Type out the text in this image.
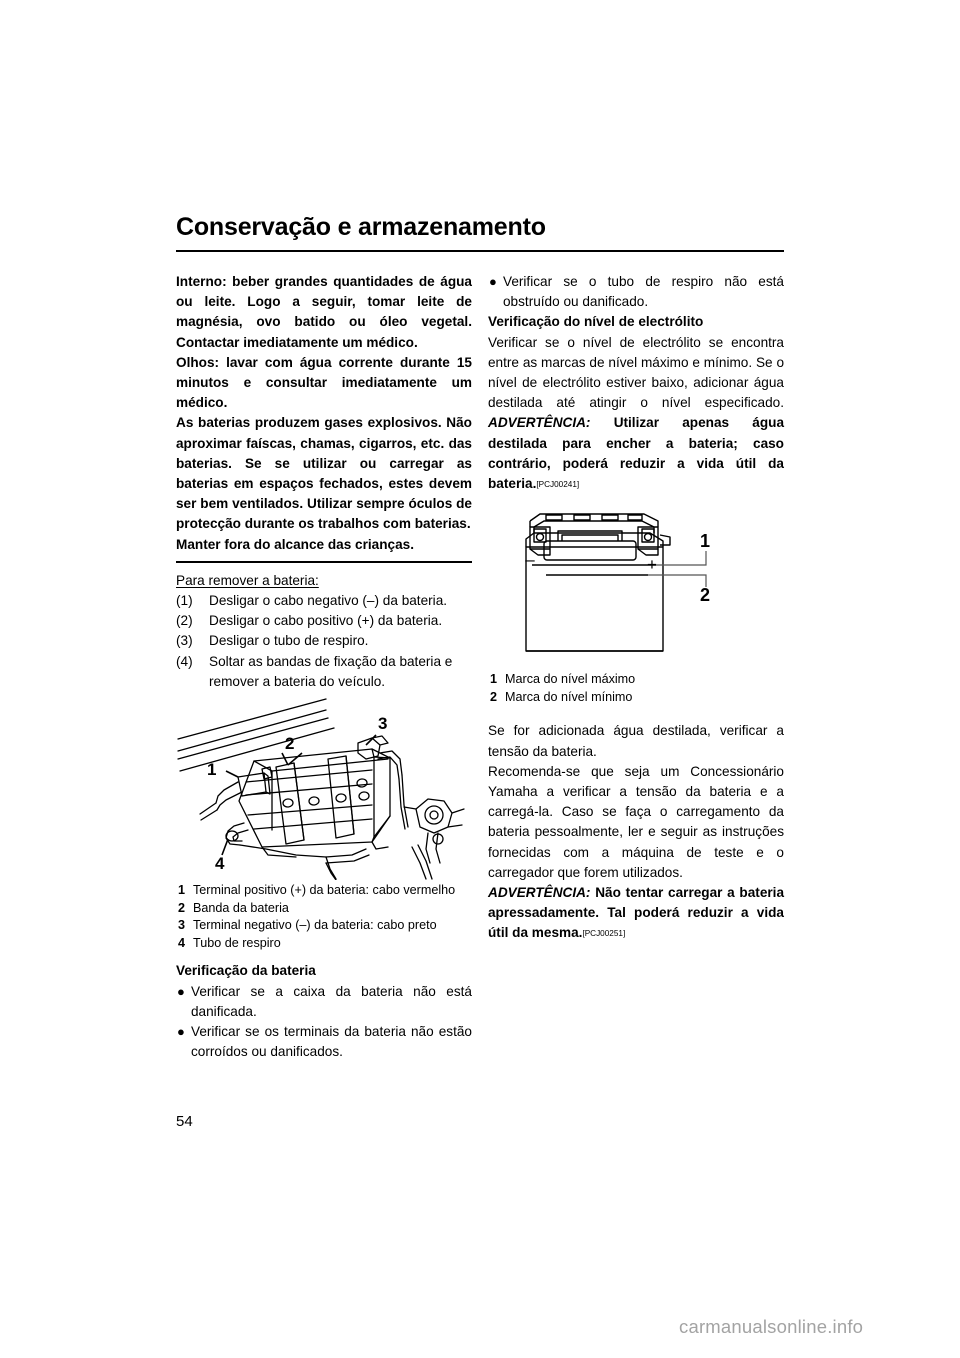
Conservação e armazenamento

Interno: beber grandes quantidades de água ou leite. Logo a seguir, tomar leite de magnésia, ovo batido ou óleo vegetal. Contactar imediatamente um médico.

Olhos: lavar com água corrente durante 15 minutos e consultar imediatamente um médico.

As baterias produzem gases explosivos. Não aproximar faíscas, chamas, cigarros, etc. das baterias. Se se utilizar ou carregar as baterias em espaços fechados, estes devem ser bem ventilados. Utilizar sempre óculos de protecção durante os trabalhos com baterias.

Manter fora do alcance das crianças.

Para remover a bateria:

(1)	Desligar o cabo negativo (–) da bateria.
(2)	Desligar o cabo positivo (+) da bateria.
(3)	Desligar o tubo de respiro.
(4)	Soltar as bandas de fixação da bateria e remover a bateria do veículo.
1 Terminal positivo (+) da bateria: cabo vermelho
2 Banda da bateria
3 Terminal negativo (–) da bateria: cabo preto
4 Tubo de respiro

Verificação da bateria

● Verificar se a caixa da bateria não está danificada.
● Verificar se os terminais da bateria não estão corroídos ou danificados.
● Verificar se o tubo de respiro não está obstruído ou danificado.

Verificação do nível de electrólito

Verificar se o nível de electrólito se encontra entre as marcas de nível máximo e mínimo. Se o nível de electrólito estiver baixo, adicionar água destilada até atingir o nível especificado. ADVERTÊNCIA: Utilizar apenas água destilada para encher a bateria; caso contrário, poderá reduzir a vida útil da bateria.[PCJ00241]

1 Marca do nível máximo
2 Marca do nível mínimo

Se for adicionada água destilada, verificar a tensão da bateria.

Recomenda-se que seja um Concessionário Yamaha a verificar a tensão da bateria e a carregá-la. Caso se faça o carregamento da bateria pessoalmente, ler e seguir as instruções fornecidas com a máquina de teste e o carregador que forem utilizados.

ADVERTÊNCIA: Não tentar carregar a bateria apressadamente. Tal poderá reduzir a vida útil da mesma.[PCJ00251]

1
2
3
4
–	+
1
2
54
carmanualsonline.info
